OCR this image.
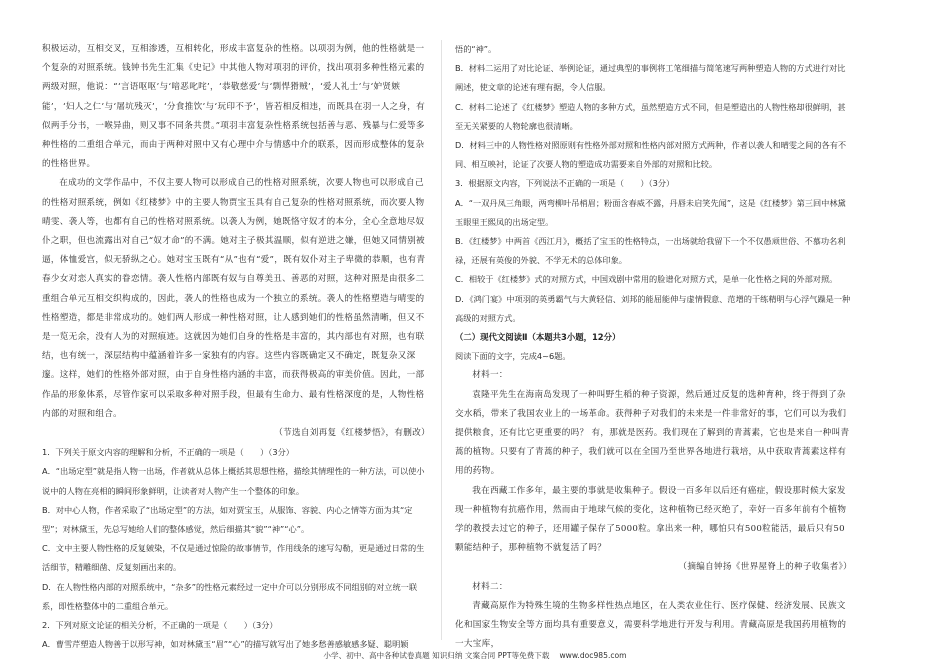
积极运动，互相交叉，互相渗透，互相转化，形成丰富复杂的性格。以项羽为例，他的性格就是一个复杂的对照系统。钱钟书先生汇集《史记》中其他人物对项羽的评价，找出项羽多种性格元素的两级对照，他说：“‘言语呕呕’与‘喑恶叱咤’，‘恭敬慈爱’与‘剽悍猾贼’，‘爱人礼士’与‘妒贤嫉能’，‘妇人之仁’与‘屠坑残灭’，‘分食推饮’与‘玩印不予’，皆若相反相违，而既具在羽一人之身，有似两手分书，一喉异曲，则又事不同条共贯。”项羽丰富复杂性格系统包括善与恶、残暴与仁爱等多种性格的二重组合单元，而由于两种对照中又有心理中介与情感中介的联系，因而形成整体的复杂的性格世界。

在成功的文学作品中，不仅主要人物可以形成自己的性格对照系统，次要人物也可以形成自己的性格对照系统，例如《红楼梦》中的主要人物贾宝玉具有自己复杂的性格对照系统，而次要人物晴雯、袭人等，也都有自己的性格对照系统。以袭人为例，她既恪守奴才的本分，全心全意地尽奴仆之职，但也流露出对自己“奴才命”的不满。她对主子极其温顺，似有逆进之嫌，但她又同情别被逼，体恤爱宫，似无骄纵之心。她对宝玉既有“从”也有“爱”，既有奴仆对主子卑微的恭顺，也有青春少女对恋人真实的眷恋情。袭人性格内部既有奴与自尊美丑、善恶的对照，这种对照是由很多二重组合单元互相交织构成的，因此，袭人的性格也成为一个独立的系统。袭人的性格塑造与晴雯的性格塑造，都是非常成功的。她们两人形成一种性格对照，让人感到她们的性格虽然清晰，但又不是一览无余，没有人为的对照痕迹。这就因为她们自身的性格是丰富的，其内部也有对照，也有联结，也有统一，深层结构中蕴涵着许多一家独有的内容。这些内容既确定又不确定，既复杂又深邃。这样，她们的性格外部对照，由于自身性格内涵的丰富，而获得极高的审美价值。因此，一部作品的形象体系，尽管作家可以采取多种对照手段，但最有生命力、最有性格深度的是，人物性格内部的对照和组合。

（节选自刘再复《红楼梦悟》，有删改）

1．下列关于原文内容的理解和分析，不正确的一项是（　　）（3分）

A．“出场定型”就是指人物一出场，作者就从总体上概括其思想性格，描绘其情理性的一种方法，可以使小说中的人物在亮相的瞬间形象鲜明，让读者对人物产生一个整体的印象。

B．对中心人物，作者采取了“出场定型”的方法，如对贾宝玉，从服饰、容貌、内心之情等方面为其“定型”；对林黛玉，先总写她给人们的整体感觉，然后细描其“貌”“神”“心”。

C．文中主要人物性格的反复皴染，不仅是通过惊险的故事情节，作用线条的速写勾勒，更是通过日常的生活细节，精雕细凿、反复刻画出来的。

D．在人物性格内部的对照系统中，“杂多”的性格元素经过一定中介可以分别形成不同组别的对立统一联系，即性格整体中的二重组合单元。

2．下列对原文论证的相关分析，不正确的一项是（　　）（3分）

A．曹雪芹塑造人物善于以形写神，如对林黛玉“眉”“心”的描写就写出了她多愁善感敏感多疑、聪明颖

悟的“神”。

B．材料二运用了对比论证、举例论证，通过典型的事例将工笔细描与简笔速写两种塑造人物的方式进行对比阐述，使文章的论述有理有据，令人信服。

C．材料二论述了《红楼梦》塑造人物的多种方式，虽然塑造方式不同，但是塑造出的人物性格却很鲜明，甚至无关紧要的人物轮廓也很清晰。

D．材料三中的人物性格对照原则有性格外部对照和性格内部对照方式两种，作者以袭人和晴雯之间的各有不同、相互映衬，论证了次要人物的塑造成功需要来自外部的对照和比较。

3．根据原文内容，下列说法不正确的一项是（　　）（3分）

A．“一双丹凤三角眼，两弯柳叶吊梢眉；粉面含春威不露，丹唇未启笑先闻”，这是《红楼梦》第三回中林黛玉眼里王熙凤的出场定型。

B．《红楼梦》中两首《西江月》，概括了宝玉的性格特点，一出场就给我留下一个不仅愚顽世俗、不慕功名利禄，还展有英俊的外貌、不学无术的总体印象。

C．相较于《红楼梦》式的对照方式，中国戏剧中常用的脸谱化对照方式，是单一化性格之间的外部对照。

D．《鸿门宴》中项羽的英勇霸气与大黄轻信、刘邦的能屈能伸与虚情假意、范增的干练精明与心浮气躁是一种高级的对照方式。

（二）现代文阅读Ⅱ（本题共3小题，12分）

阅读下面的文字，完成4~6题。

材料一：

袁隆平先生在海南岛发现了一种叫野生稻的种子资源，然后通过反复的选种育种，终于得到了杂交水稻，带来了我国农业上的一场革命。获得种子对我们的未来是一件非常好的事，它们可以为我们提供粮食，还有比它更重要的吗？ 有，那就是医药。我们现在了解到的青蒿素，它也是来自一种叫青蒿的植物。只要有了青蒿的种子，我们就可以在全国乃至世界各地进行栽培，从中获取青蒿素这样有用的药物。

我在西藏工作多年，最主要的事就是收集种子。假设一百多年以后还有癌症，假设那时候大家发现一种植物有抗癌作用，然而由于地球气候的变化，这种植物已经灭绝了，幸好一百多年前有个植物学的教授去过它的种子，还用罐子保存了5000粒。拿出来一种，哪怕只有500粒能活，最后只有50颗能结种子，那种植物不就复活了吗？

（摘编自钟扬《世界屋脊上的种子收集者》）

材料二：

青藏高原作为特殊生境的生物多样性热点地区，在人类农业住行、医疗保健、经济发展、民族文化和国家生物安全等方面均具有重要意义，需要科学地进行开发与利用。青藏高原是我国药用植物的一大宝库，

小学、初中、高中各种试卷真题 知识归纳 文案合同 PPT等免费下载　 www.doc985.com
